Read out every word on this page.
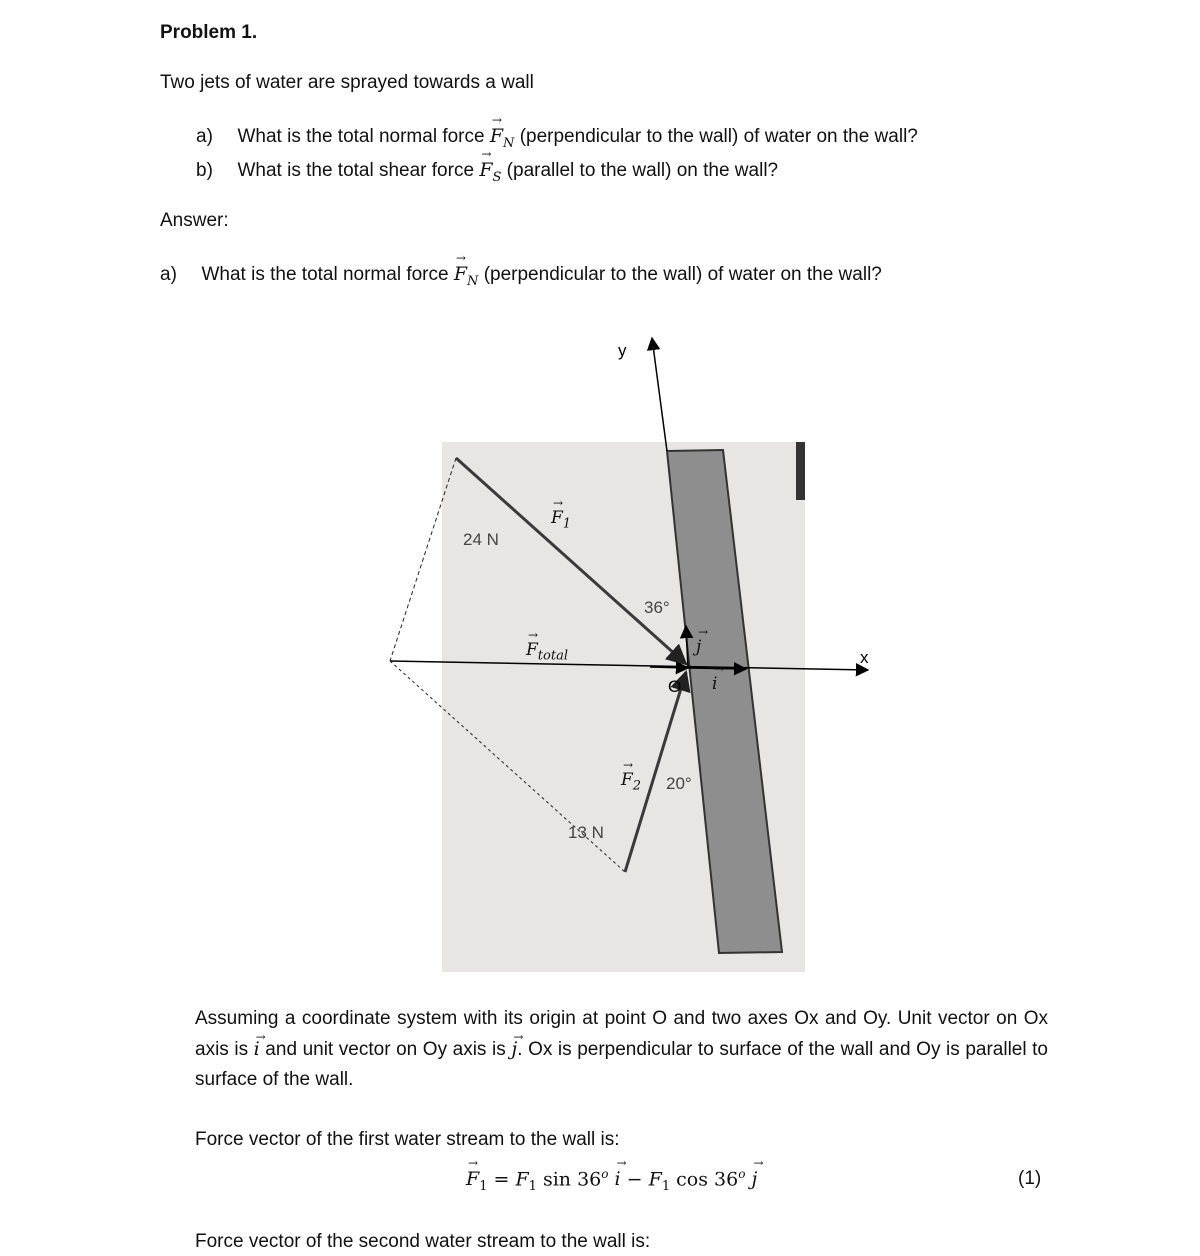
Problem 1.
Two jets of water are sprayed towards a wall
a) What is the total normal force → $F_N$ (perpendicular to the wall) of water on the wall?
b) What is the total shear force → $F_S$ (parallel to the wall) on the wall?
Answer:
a) What is the total normal force → $F_N$ (perpendicular to the wall) of water on the wall?
y
x
O
24 N
36°
13 N
20°
→ $F_1$
→ $F_{total}$
→ $F_2$
→ j
→ i
Assuming a coordinate system with its origin at point O and two axes Ox and Oy. Unit vector on Ox axis is → i and unit vector on Oy axis is → j. Ox is perpendicular to surface of the wall and Oy is parallel to surface of the wall.
Force vector of the first water stream to the wall is:
→ $F_1 = F_1$ $\sin 36^o \to i - F_1$ $\cos 36^o \to j$	(1)
Force vector of the second water stream to the wall is:
